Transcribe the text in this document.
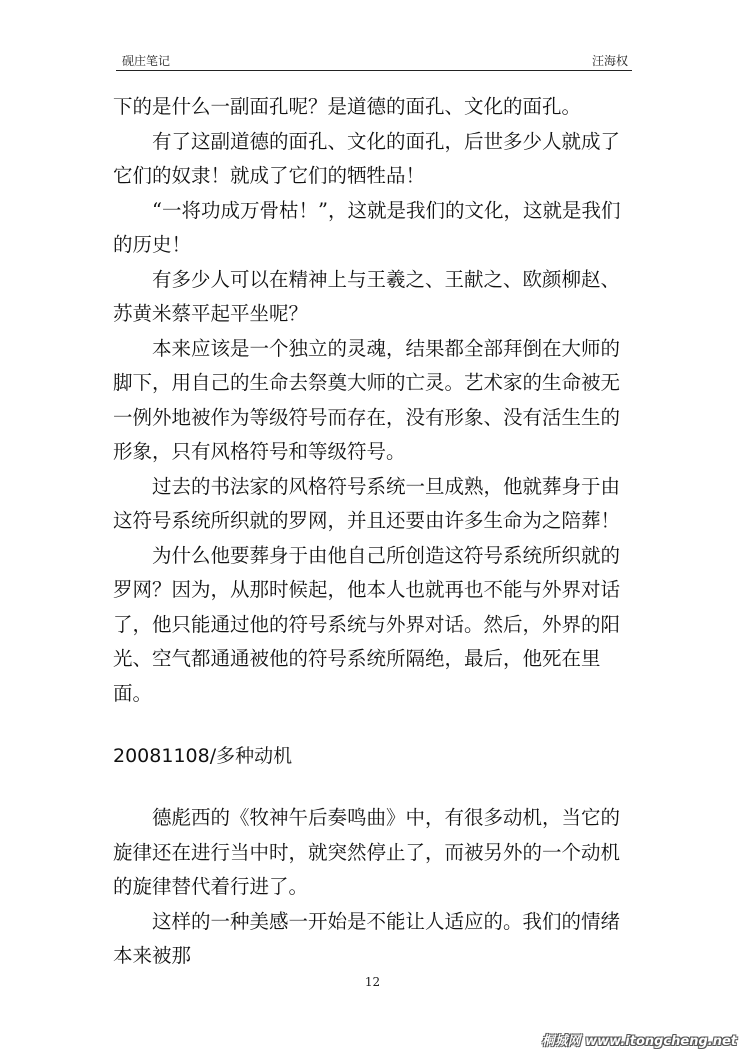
砚庄笔记	汪海权

下的是什么一副面孔呢？是道德的面孔、文化的面孔。

有了这副道德的面孔、文化的面孔，后世多少人就成了它们的奴隶！就成了它们的牺牲品！

“一将功成万骨枯！”，这就是我们的文化，这就是我们的历史！

有多少人可以在精神上与王羲之、王献之、欧颜柳赵、苏黄米蔡平起平坐呢？

本来应该是一个独立的灵魂，结果都全部拜倒在大师的脚下，用自己的生命去祭奠大师的亡灵。艺术家的生命被无一例外地被作为等级符号而存在，没有形象、没有活生生的形象，只有风格符号和等级符号。

过去的书法家的风格符号系统一旦成熟，他就葬身于由这符号系统所织就的罗网，并且还要由许多生命为之陪葬！

为什么他要葬身于由他自己所创造这符号系统所织就的罗网？因为，从那时候起，他本人也就再也不能与外界对话了，他只能通过他的符号系统与外界对话。然后，外界的阳光、空气都通通被他的符号系统所隔绝，最后，他死在里面。

20081108/多种动机

德彪西的《牧神午后奏鸣曲》中，有很多动机，当它的旋律还在进行当中时，就突然停止了，而被另外的一个动机的旋律替代着行进了。

这样的一种美感一开始是不能让人适应的。我们的情绪本来被那

12
桐城网 www.itongcheng.net
